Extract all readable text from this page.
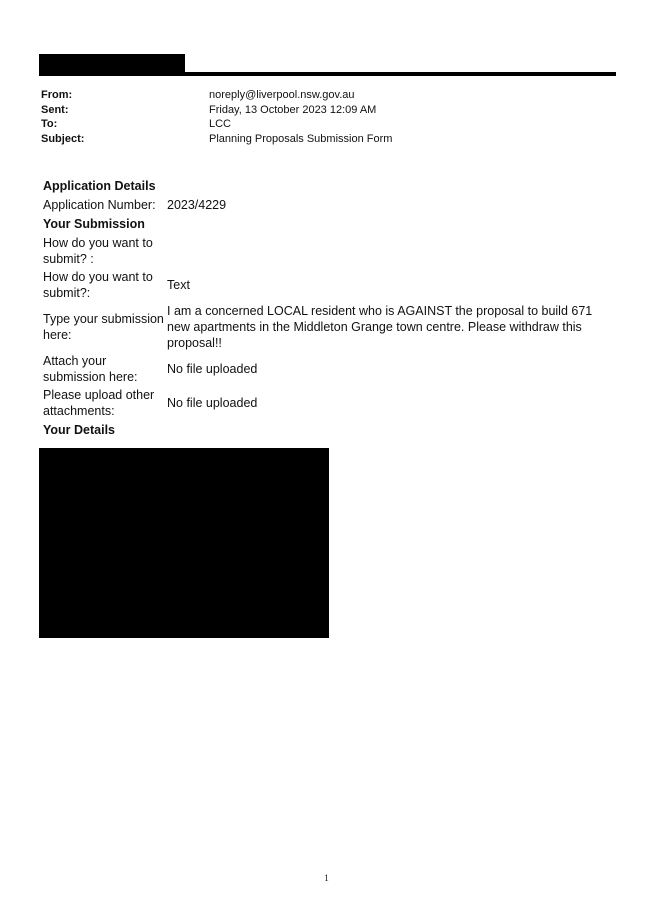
From:	noreply@liverpool.nsw.gov.au
Sent:	Friday, 13 October 2023 12:09 AM
To:	LCC
Subject:	Planning Proposals Submission Form
Application Details	
Application Number:	2023/4229
Your Submission	
How do you want to submit? :	
How do you want to submit?:	Text
Type your submission here:	I am a concerned LOCAL resident who is AGAINST the proposal to build 671 new apartments in the Middleton Grange town centre. Please withdraw this proposal!!
Attach your submission here:	No file uploaded
Please upload other attachments:	No file uploaded
Your Details	
1
